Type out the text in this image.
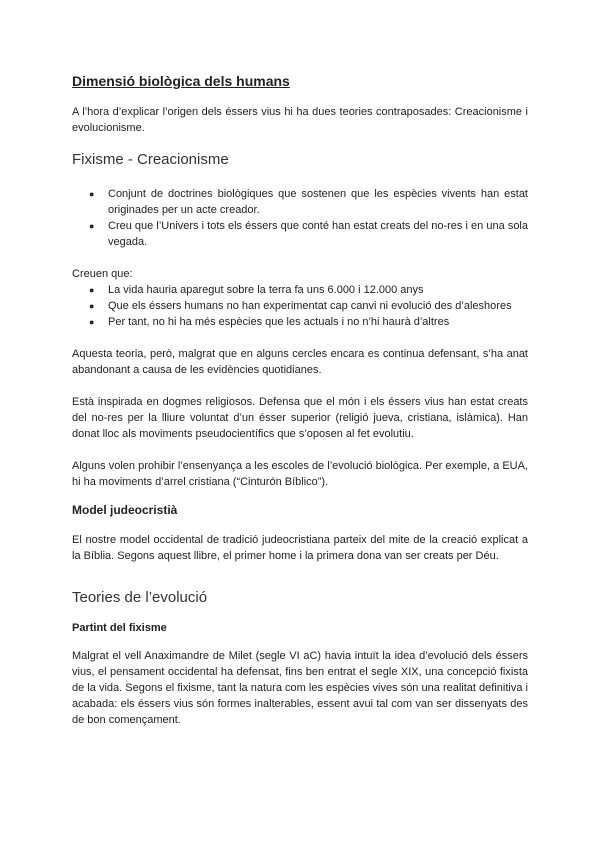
Dimensió biològica dels humans

A l’hora d’explicar l’origen dels éssers vius hi ha dues teories contraposades: Creacionisme i evolucionisme.

Fixisme - Creacionisme
● Conjunt de doctrines biològiques que sostenen que les espècies vivents han estat originades per un acte creador.
● Creu que l’Univers i tots els éssers que conté han estat creats del no-res i en una sola vegada.

Creuen que:

● La vida hauria aparegut sobre la terra fa uns 6.000 i 12.000 anys
● Que els éssers humans no han experimentat cap canvi ni evolució des d’aleshores
● Per tant, no hi ha més espècies que les actuals i no n’hi haurà d’altres

Aquesta teoria, però, malgrat que en alguns cercles encara es continua defensant, s’ha anat abandonant a causa de les evidències quotidianes.

Està inspirada en dogmes religiosos. Defensa que el món i els éssers vius han estat creats del no-res per la lliure voluntat d’un ésser superior (religió jueva, cristiana, islàmica). Han donat lloc als moviments pseudocientífics que s’oposen al fet evolutiu.

Alguns volen prohibir l’ensenyança a les escoles de l’evolució biològica. Per exemple, a EUA, hi ha moviments d’arrel cristiana (“Cinturón Bíblico”).

Model judeocristià

El nostre model occidental de tradició judeocristiana parteix del mite de la creació explicat a la Bíblia. Segons aquest llibre, el primer home i la primera dona van ser creats per Déu.

Teories de l’evolució
Partint del fixisme

Malgrat el vell Anaximandre de Milet (segle VI aC) havia intuït la idea d’evolució dels éssers vius, el pensament occidental ha defensat, fins ben entrat el segle XIX, una concepció fixista de la vida. Segons el fixisme, tant la natura com les espècies vives són una realitat definitiva i acabada: els éssers vius són formes inalterables, essent avui tal com van ser dissenyats des de bon començament.
